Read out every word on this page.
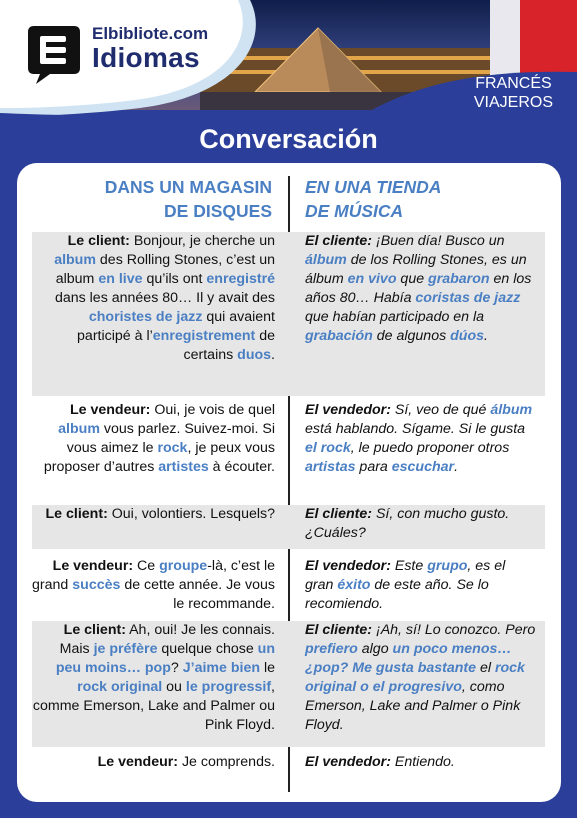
Elbibliote.com
Idiomas
FRANCÉS
VIAJEROS
Conversación
DANS UN MAGASIN
DE DISQUES
EN UNA TIENDA
DE MÚSICA
Le client: Bonjour, je cherche un album des Rolling Stones, c’est un album en live qu’ils ont enregistré dans les années 80… Il y avait des choristes de jazz qui avaient participé à l’enregistrement de certains duos.
El cliente: ¡Buen día! Busco un álbum de los Rolling Stones, es un álbum en vivo que grabaron en los años 80… Había coristas de jazz que habían participado en la grabación de algunos dúos.
Le vendeur: Oui, je vois de quel album vous parlez. Suivez-moi. Si vous aimez le rock, je peux vous proposer d’autres artistes à écouter.
El vendedor: Sí, veo de qué álbum está hablando. Sígame. Si le gusta el rock, le puedo proponer otros artistas para escuchar.
Le client: Oui, volontiers. Lesquels? El cliente: Sí, con mucho gusto. ¿Cuáles?
Le vendeur: Ce groupe-là, c’est le grand succès de cette année. Je vous le recommande.
El vendedor: Este grupo, es el gran éxito de este año. Se lo recomiendo.
Le client: Ah, oui! Je les connais. Mais je préfère quelque chose un peu moins… pop? J’aime bien le rock original ou le progressif, comme Emerson, Lake and Palmer ou Pink Floyd.
El cliente: ¡Ah, sí! Lo conozco. Pero prefiero algo un poco menos… ¿pop? Me gusta bastante el rock original o el progresivo, como Emerson, Lake and Palmer o Pink Floyd.
Le vendeur: Je comprends. El vendedor: Entiendo.
